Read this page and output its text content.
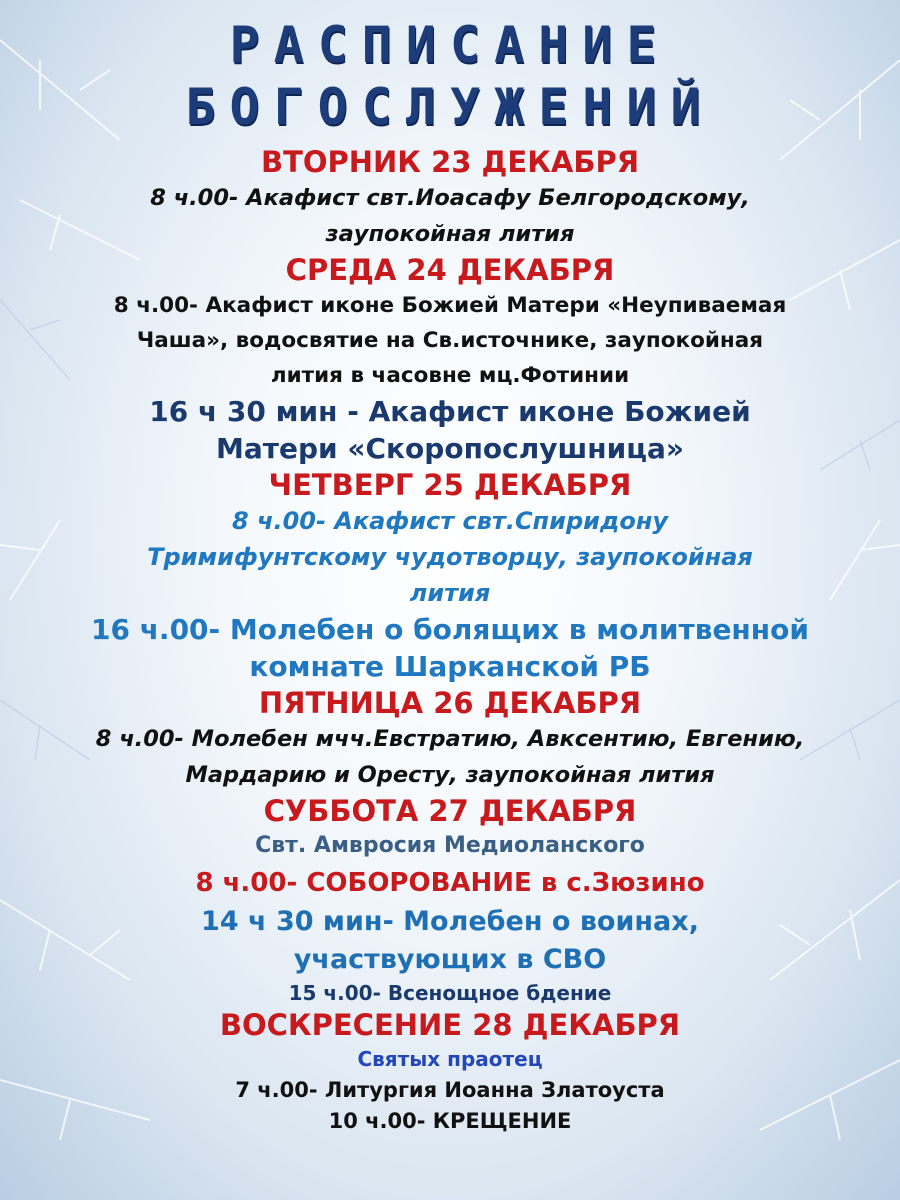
РАСПИСАНИЕ
БОГОСЛУЖЕНИЙ

ВТОРНИК 23 ДЕКАБРЯ

8 ч.00- Акафист свт.Иоасафу Белгородскому,

заупокойная лития

СРЕДА 24 ДЕКАБРЯ

8 ч.00- Акафист иконе Божией Матери «Неупиваемая

Чаша», водосвятие на Св.источнике, заупокойная

лития в часовне мц.Фотинии

16 ч 30 мин - Акафист иконе Божией

Матери «Скоропослушница»

ЧЕТВЕРГ 25 ДЕКАБРЯ

8 ч.00- Акафист свт.Спиридону

Тримифунтскому чудотворцу, заупокойная

лития

16 ч.00- Молебен о болящих в молитвенной

комнате Шарканской РБ

ПЯТНИЦА 26 ДЕКАБРЯ

8 ч.00- Молебен мчч.Евстратию, Авксентию, Евгению,

Мардарию и Оресту, заупокойная лития

СУББОТА 27 ДЕКАБРЯ

Свт. Амвросия Медиоланского

8 ч.00- СОБОРОВАНИЕ в с.Зюзино

14 ч 30 мин- Молебен о воинах,

участвующих в СВО

15 ч.00- Всенощное бдение

ВОСКРЕСЕНИЕ 28 ДЕКАБРЯ

Святых праотец

7 ч.00- Литургия Иоанна Златоуста

10 ч.00- КРЕЩЕНИЕ
